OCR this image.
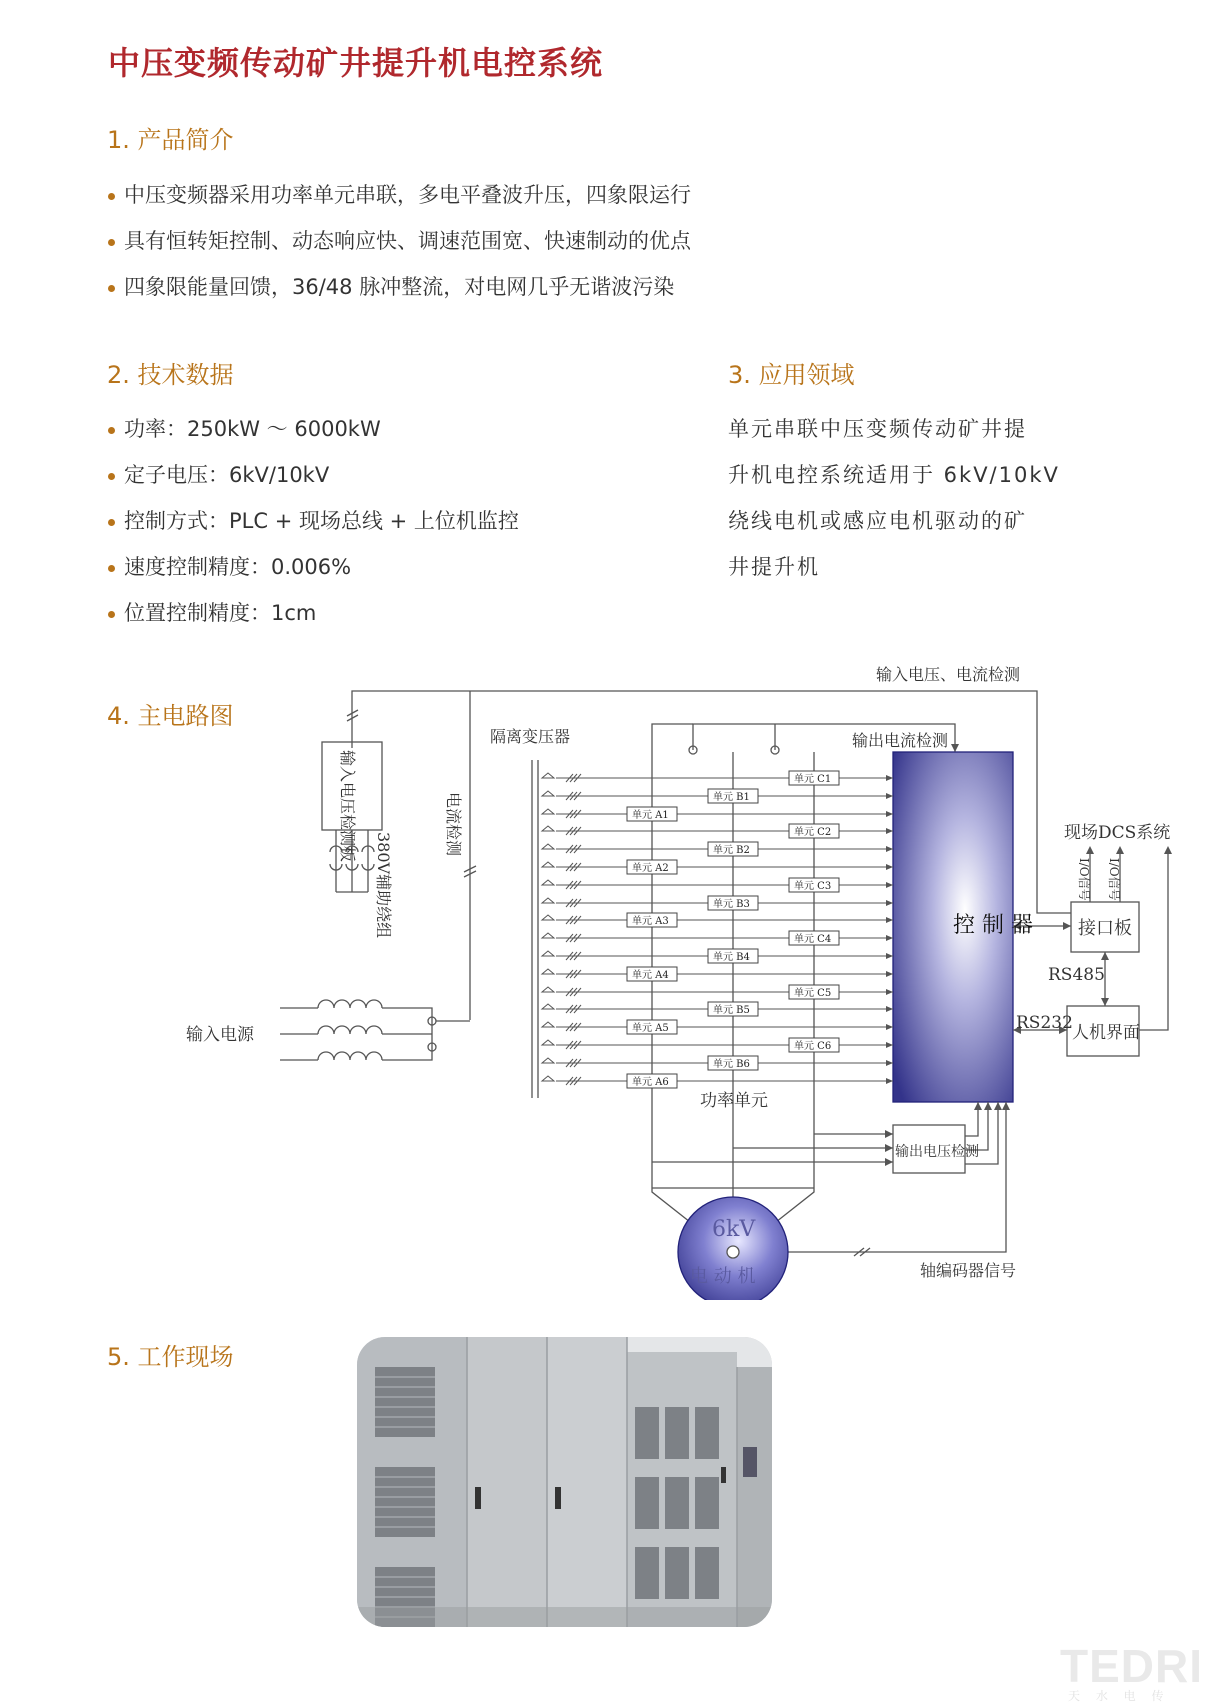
中压变频传动矿井提升机电控系统
1. 产品简介
中压变频器采用功率单元串联，多电平叠波升压，四象限运行
具有恒转矩控制、动态响应快、调速范围宽、快速制动的优点
四象限能量回馈，36/48 脉冲整流，对电网几乎无谐波污染
2. 技术数据
功率：250kW ～ 6000kW
定子电压：6kV/10kV
控制方式：PLC + 现场总线 + 上位机监控
速度控制精度：0.006%
位置控制精度：1cm
3. 应用领域
单元串联中压变频传动矿井提
升机电控系统适用于 6kV/10kV
绕线电机或感应电机驱动的矿
井提升机
4. 主电路图
单元 C1
单元 B1
单元 A1
单元 C2
单元 B2
单元 A2
单元 C3
单元 B3
单元 A3
单元 C4
单元 B4
单元 A4
单元 C5
单元 B5
单元 A5
单元 C6
单元 B6
单元 A6
输入电压、电流检测
隔离变压器	输出电流检测
现场DCS系统
控 制 器	接口板
RS485
RS232 人机界面
输入电源
功率单元
输出电压检测
6kV
电 动 机	轴编码器信号
输入电压检测板
380V辅助绕组
电流检测
I/O信号 I/O信号
5. 工作现场
TEDRI
天 水 电 传
